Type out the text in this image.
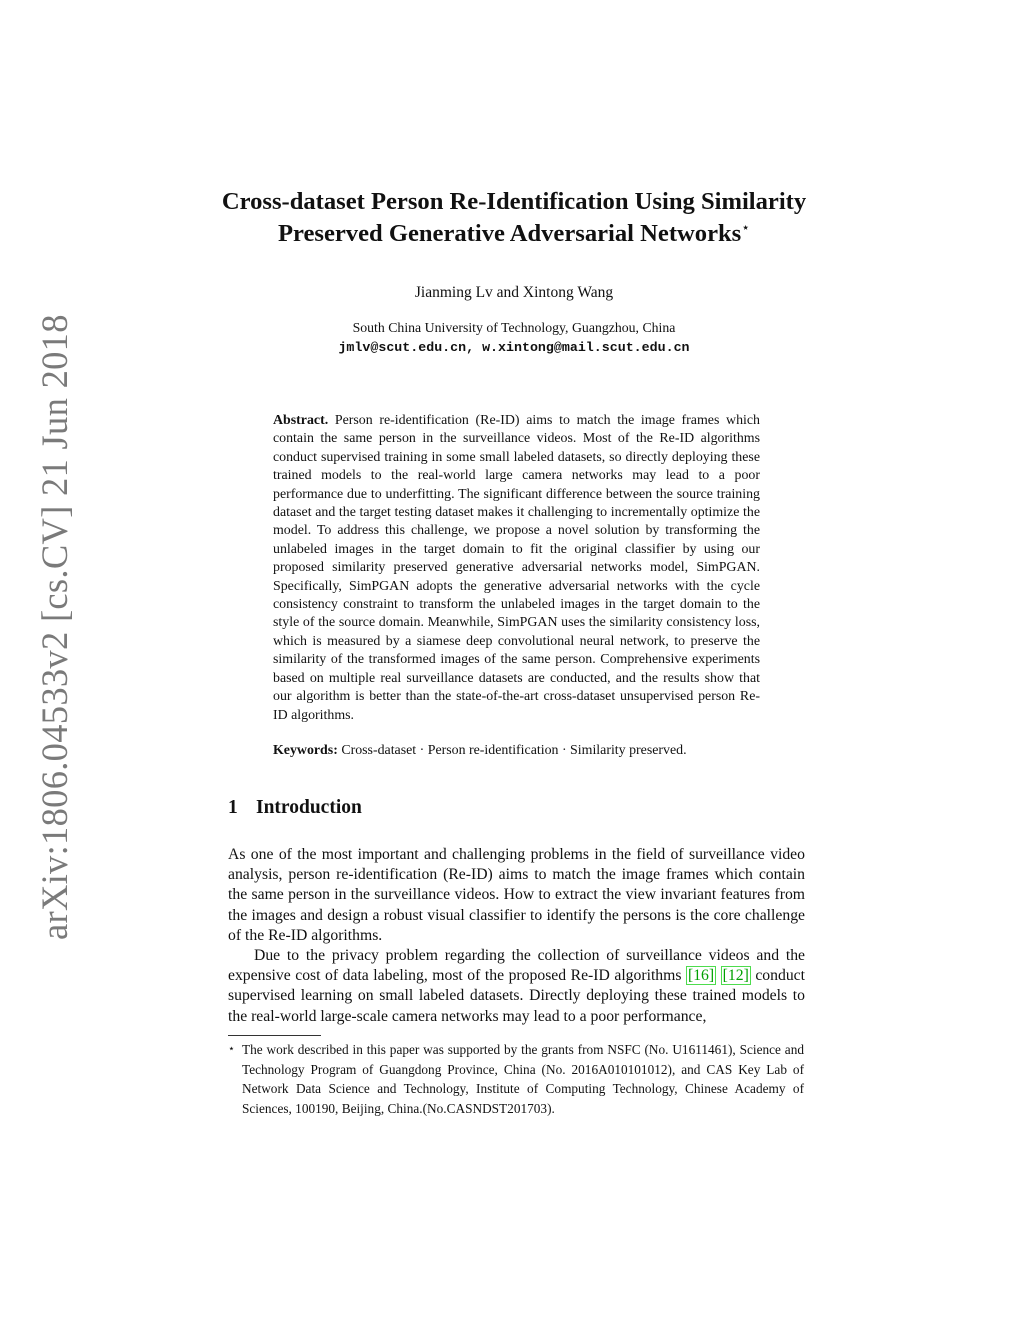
arXiv:1806.04533v2 [cs.CV] 21 Jun 2018
Cross-dataset Person Re-Identification Using Similarity
Preserved Generative Adversarial Networks⋆
Jianming Lv and Xintong Wang
South China University of Technology, Guangzhou, China
jmlv@scut.edu.cn, w.xintong@mail.scut.edu.cn

Abstract. Person re-identification (Re-ID) aims to match the image frames which contain the same person in the surveillance videos. Most of the Re-ID algorithms conduct supervised training in some small labeled datasets, so directly deploying these trained models to the real-world large camera networks may lead to a poor performance due to underfitting. The significant difference between the source training dataset and the target testing dataset makes it challenging to incrementally optimize the model. To address this challenge, we propose a novel solution by transforming the unlabeled images in the target domain to fit the original classifier by using our proposed similarity preserved generative adversarial networks model, SimPGAN. Specifically, SimPGAN adopts the generative adversarial networks with the cycle consistency constraint to transform the unlabeled images in the target domain to the style of the source domain. Meanwhile, SimPGAN uses the similarity consistency loss, which is measured by a siamese deep convolutional neural network, to preserve the similarity of the transformed images of the same person. Comprehensive experiments based on multiple real surveillance datasets are conducted, and the results show that our algorithm is better than the state-of-the-art cross-dataset unsupervised person Re-ID algorithms.

Keywords: Cross-dataset · Person re-identification · Similarity preserved.

1 Introduction

As one of the most important and challenging problems in the field of surveillance video analysis, person re-identification (Re-ID) aims to match the image frames which contain the same person in the surveillance videos. How to extract the view invariant features from the images and design a robust visual classifier to identify the persons is the core challenge of the Re-ID algorithms.

Due to the privacy problem regarding the collection of surveillance videos and the expensive cost of data labeling, most of the proposed Re-ID algorithms [16] [12] conduct supervised learning on small labeled datasets. Directly deploying these trained models to the real-world large-scale camera networks may lead to a poor performance,

⋆ The work described in this paper was supported by the grants from NSFC (No. U1611461), Science and Technology Program of Guangdong Province, China (No. 2016A010101012), and CAS Key Lab of Network Data Science and Technology, Institute of Computing Technology, Chinese Academy of Sciences, 100190, Beijing, China.(No.CASNDST201703).
